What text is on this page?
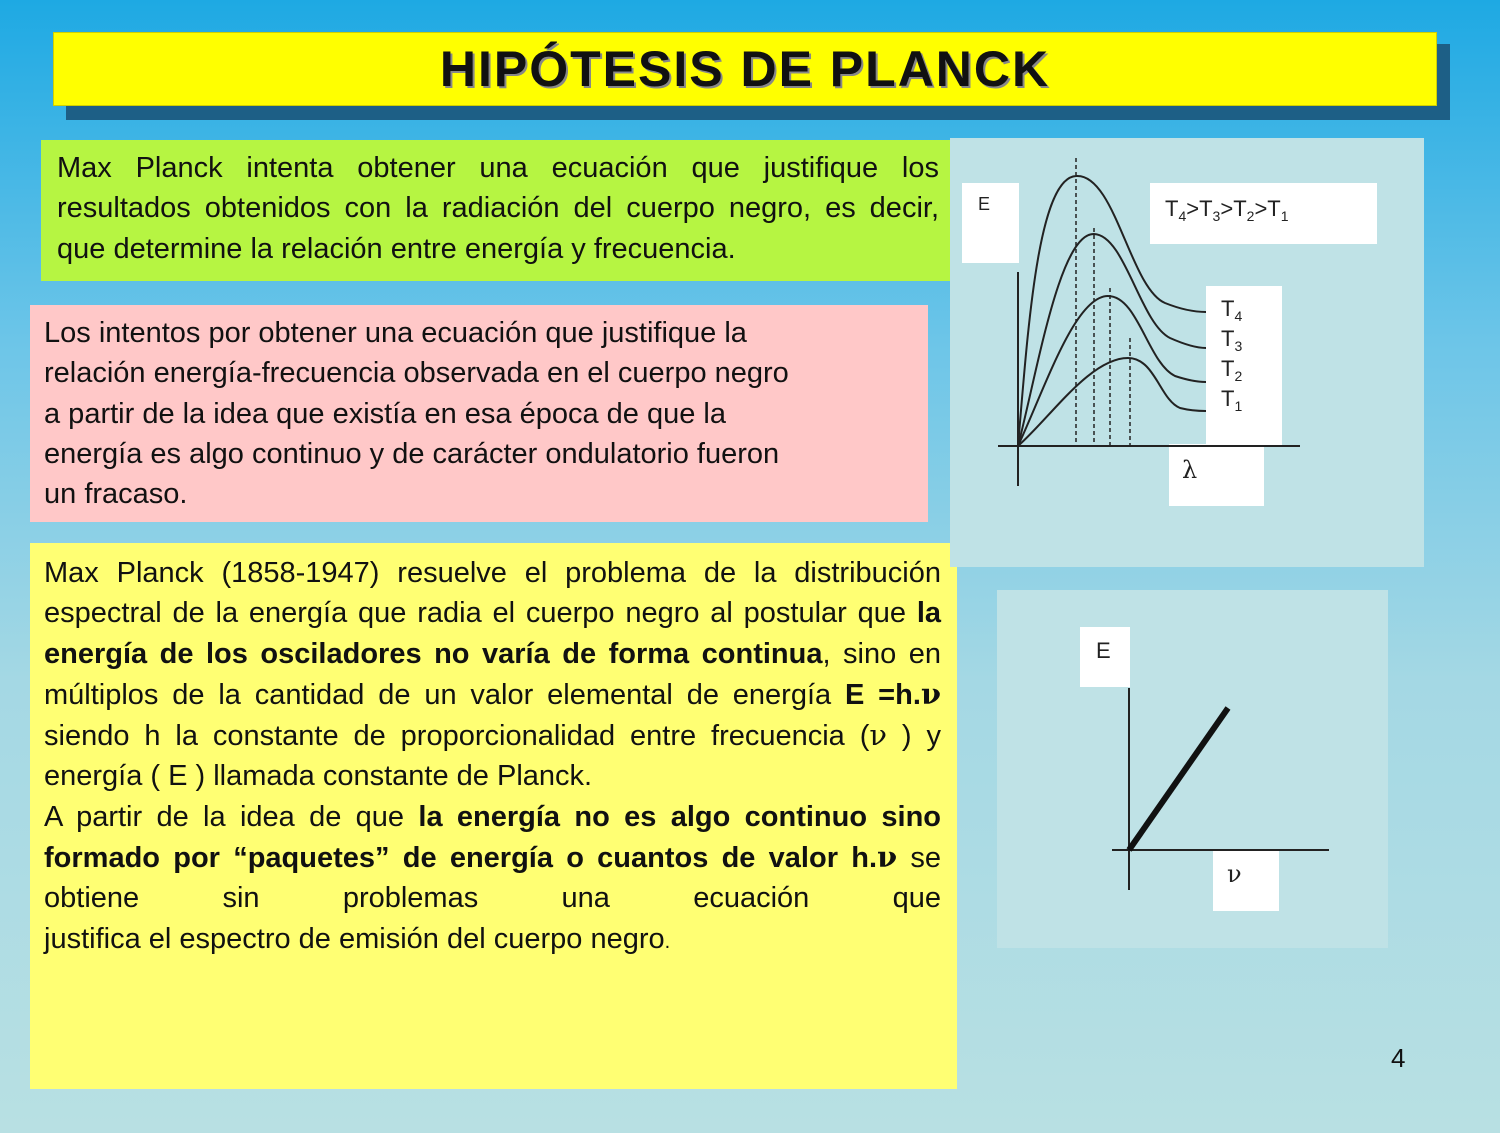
HIPÓTESIS DE PLANCK

Max Planck intenta obtener una ecuación que justifique los resultados obtenidos con la radiación del cuerpo negro, es decir, que determine la relación entre energía y frecuencia.

Los intentos por obtener una ecuación que justifique la
relación energía-frecuencia observada en el cuerpo negro
a partir de la idea que existía en esa época de que la
energía es algo continuo y de carácter ondulatorio fueron
un fracaso.

Max Planck (1858-1947) resuelve el problema de la distribución espectral de la energía que radia el cuerpo negro al postular que la energía de los osciladores no varía de forma continua, sino en múltiplos de la cantidad de un valor elemental de energía E =h.ν siendo h la constante de proporcionalidad entre frecuencia (ν ) y

energía ( E ) llamada constante de Planck.

A partir de la idea de que la energía no es algo continuo sino formado por “paquetes” de energía o cuantos de valor h.ν se obtiene sin problemas una ecuación que

justifica el espectro de emisión del cuerpo negro.

E	$T_4>T_3>T_2>T_1$
$T_4$
$T_3$
$T_2$
$T_1$
λ
E
ν
4
